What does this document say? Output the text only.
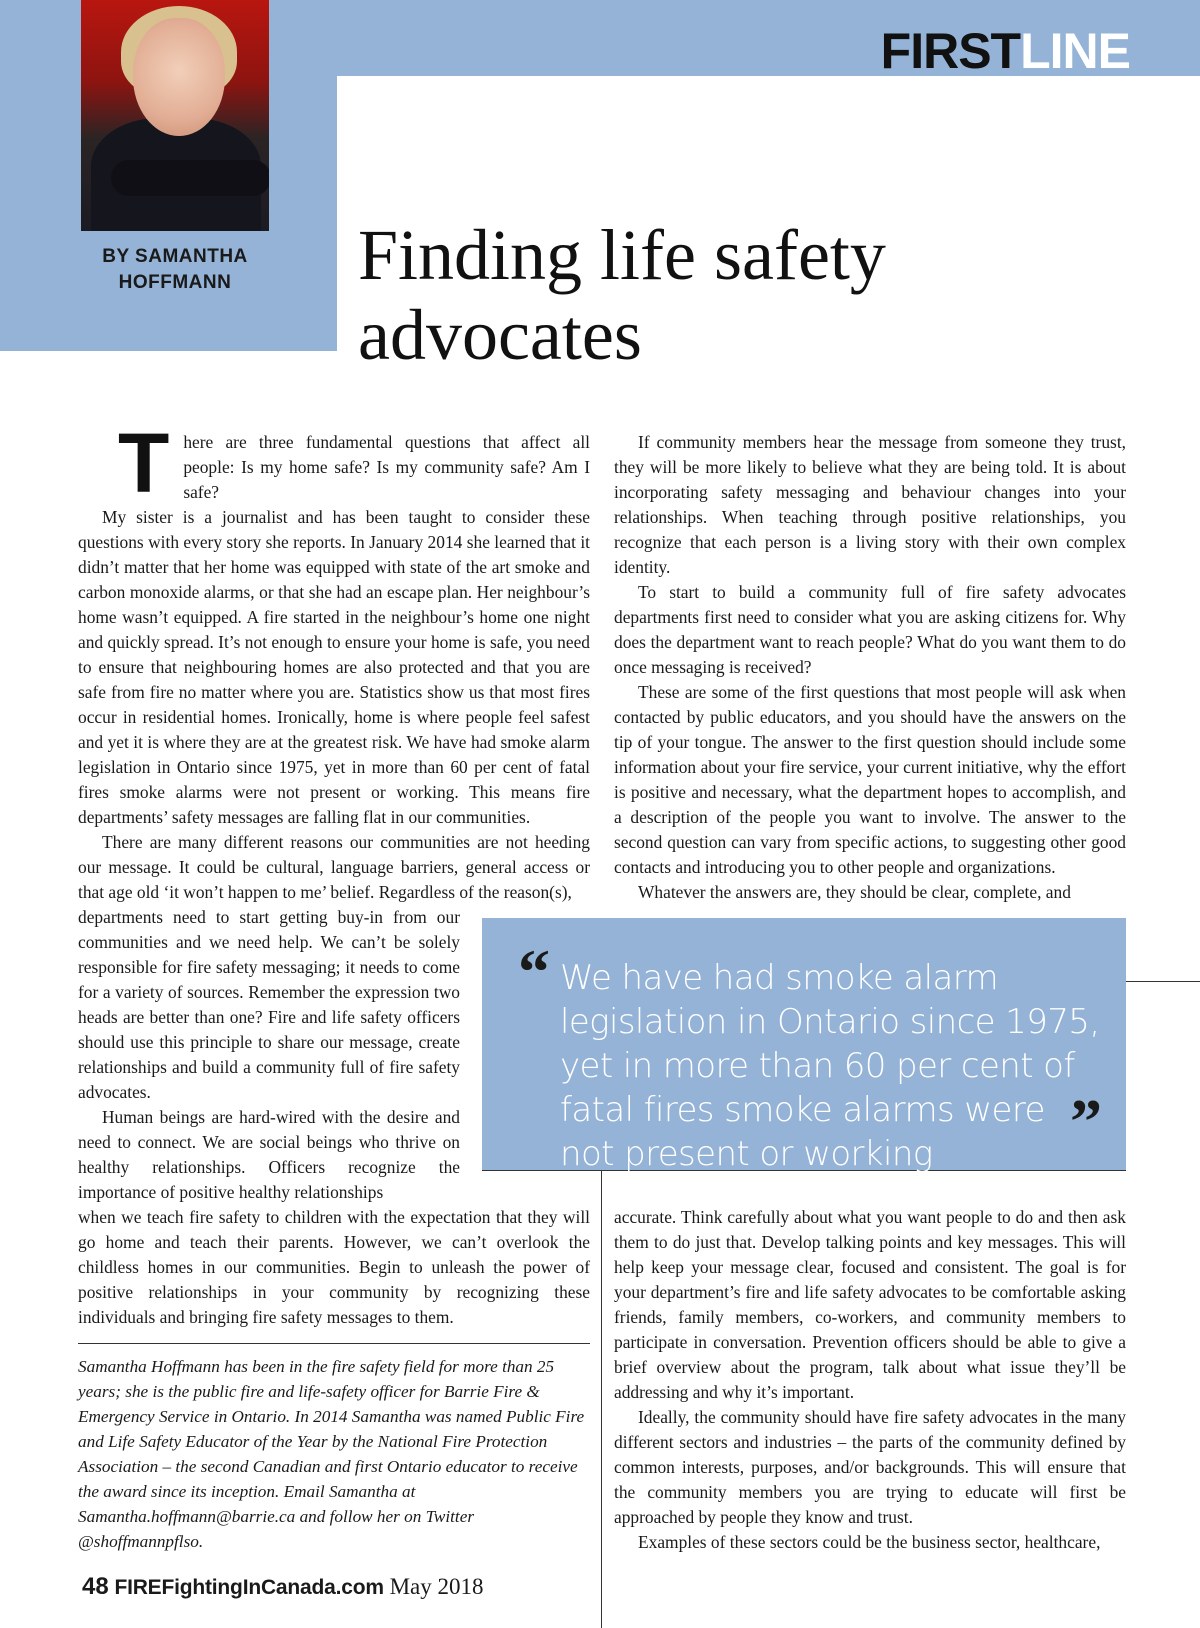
FIRSTLINE
BY SAMANTHA HOFFMANN	Finding life safety advocates

There are three fundamental questions that affect all people: Is my home safe? Is my community safe? Am I safe?

My sister is a journalist and has been taught to consider these questions with every story she reports. In January 2014 she learned that it didn’t matter that her home was equipped with state of the art smoke and carbon monoxide alarms, or that she had an escape plan. Her neighbour’s home wasn’t equipped. A fire started in the neighbour’s home one night and quickly spread. It’s not enough to ensure your home is safe, you need to ensure that neighbouring homes are also protected and that you are safe from fire no matter where you are. Statistics show us that most fires occur in residential homes. Ironically, home is where people feel safest and yet it is where they are at the greatest risk. We have had smoke alarm legislation in Ontario since 1975, yet in more than 60 per cent of fatal fires smoke alarms were not present or working. This means fire departments’ safety messages are falling flat in our communities.

There are many different reasons our communities are not heeding our message. It could be cultural, language barriers, general access or that age old ‘it won’t happen to me’ belief. Regardless of the reason(s),

departments need to start getting buy-in from our communities and we need help. We can’t be solely responsible for fire safety messaging; it needs to come for a variety of sources. Remember the expression two heads are better than one? Fire and life safety officers should use this principle to share our message, create relationships and build a community full of fire safety advocates.

Human beings are hard-wired with the desire and need to connect. We are social beings who thrive on healthy relationships. Officers recognize the importance of positive healthy relationships

when we teach fire safety to children with the expectation that they will go home and teach their parents. However, we can’t overlook the childless homes in our communities. Begin to unleash the power of positive relationships in your community by recognizing these individuals and bringing fire safety messages to them.

Samantha Hoffmann has been in the fire safety field for more than 25 years; she is the public fire and life-safety officer for Barrie Fire & Emergency Service in Ontario. In 2014 Samantha was named Public Fire and Life Safety Educator of the Year by the National Fire Protection Association – the second Canadian and first Ontario educator to receive the award since its inception. Email Samantha at Samantha.hoffmann@barrie.ca and follow her on Twitter @shoffmannpflso.

If community members hear the message from someone they trust, they will be more likely to believe what they are being told. It is about incorporating safety messaging and behaviour changes into your relationships. When teaching through positive relationships, you recognize that each person is a living story with their own complex identity.

To start to build a community full of fire safety advocates departments first need to consider what you are asking citizens for. Why does the department want to reach people? What do you want them to do once messaging is received?

These are some of the first questions that most people will ask when contacted by public educators, and you should have the answers on the tip of your tongue. The answer to the first question should include some information about your fire service, your current initiative, why the effort is positive and necessary, what the department hopes to accomplish, and a description of the people you want to involve. The answer to the second question can vary from specific actions, to suggesting other good contacts and introducing you to other people and organizations.

Whatever the answers are, they should be clear, complete, and

“ We have had smoke alarm legislation in Ontario since 1975, yet in more than 60 per cent of fatal fires smoke alarms were not present or working	”

accurate. Think carefully about what you want people to do and then ask them to do just that. Develop talking points and key messages. This will help keep your message clear, focused and consistent. The goal is for your department’s fire and life safety advocates to be comfortable asking friends, family members, co-workers, and community members to participate in conversation. Prevention officers should be able to give a brief overview about the program, talk about what issue they’ll be addressing and why it’s important.

Ideally, the community should have fire safety advocates in the many different sectors and industries – the parts of the community defined by common interests, purposes, and/or backgrounds. This will ensure that the community members you are trying to educate will first be approached by people they know and trust.

Examples of these sectors could be the business sector, healthcare,

48 FIREFightingInCanada.com May 2018
